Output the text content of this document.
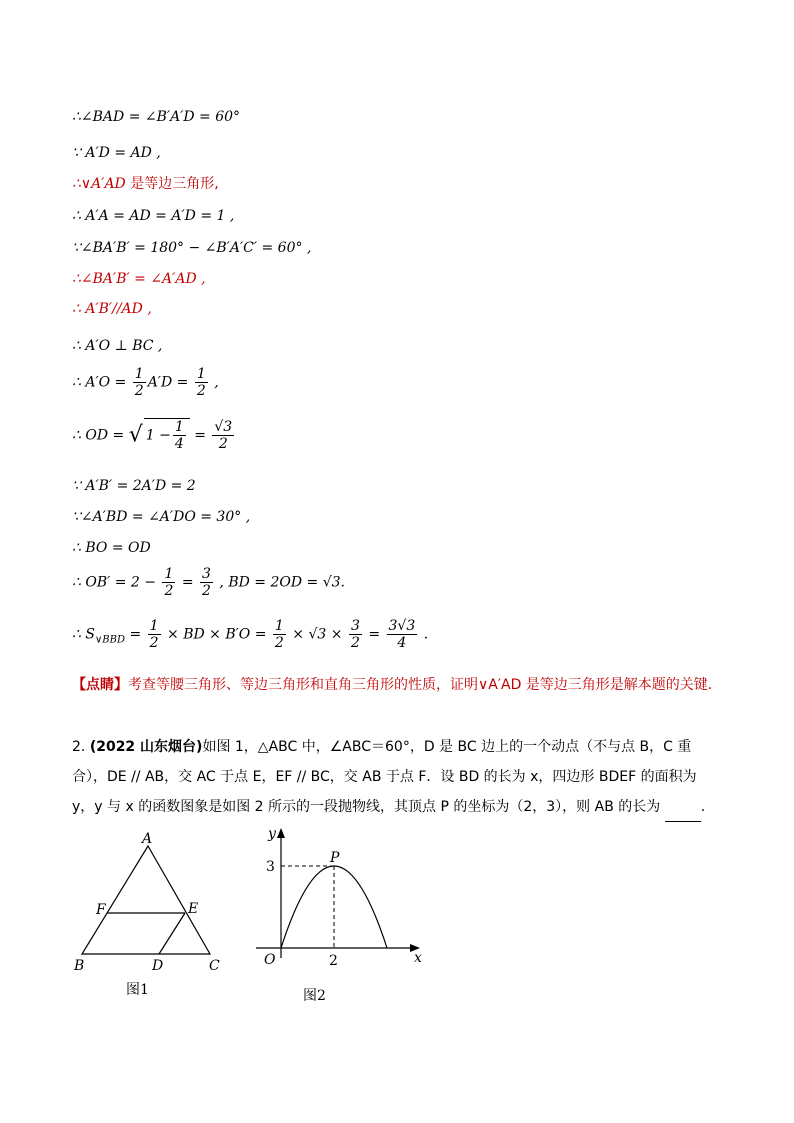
∴∠BAD = ∠B′A′D = 60°
∵ A′D = AD ,
∴∨A′AD 是等边三角形,
∴ A′A = AD = A′D = 1 ,
∵∠BA′B′ = 180° − ∠B′A′C′ = 60° ,
∴∠BA′B′ = ∠A′AD ,
∴ A′B′//AD ,
∴ A′O ⊥ BC ,
∴ $A'O = \frac{1}{2} A'D = \frac{1}{2}$ ,
∴ OD = √ $1 - \frac{1}{4} = \frac{√3}{2}$
∵ A′B′ = 2A′D = 2
∵∠A′BD = ∠A′DO = 30° ,
∴ BO = OD
∴ $OB' = 2 - \frac{1}{2} = \frac{3}{2}$ , BD = 2OD = √3.
∴ $S_{\vee BBD} = \frac{1}{2}$ × BD × $B'O = \frac{1}{2} \times √3 \times \frac{3}{2} = \frac{3√3}{4}$ .
【点睛】考查等腰三角形、等边三角形和直角三角形的性质，证明∨A′AD 是等边三角形是解本题的关键．
2. (2022 山东烟台)如图 1，△ABC 中，∠ABC＝60°，D 是 BC 边上的一个动点（不与点 B，C 重合），DE // AB，交 AC 于点 E，EF // BC，交 AB 于点 F．设 BD 的长为 x，四边形 BDEF 的面积为 y，y 与 x 的函数图象是如图 2 所示的一段抛物线，其顶点 P 的坐标为（2，3），则 AB 的长为	.
A
B	C
D
E
F
图1
y
x
O
P
3
2
图2
